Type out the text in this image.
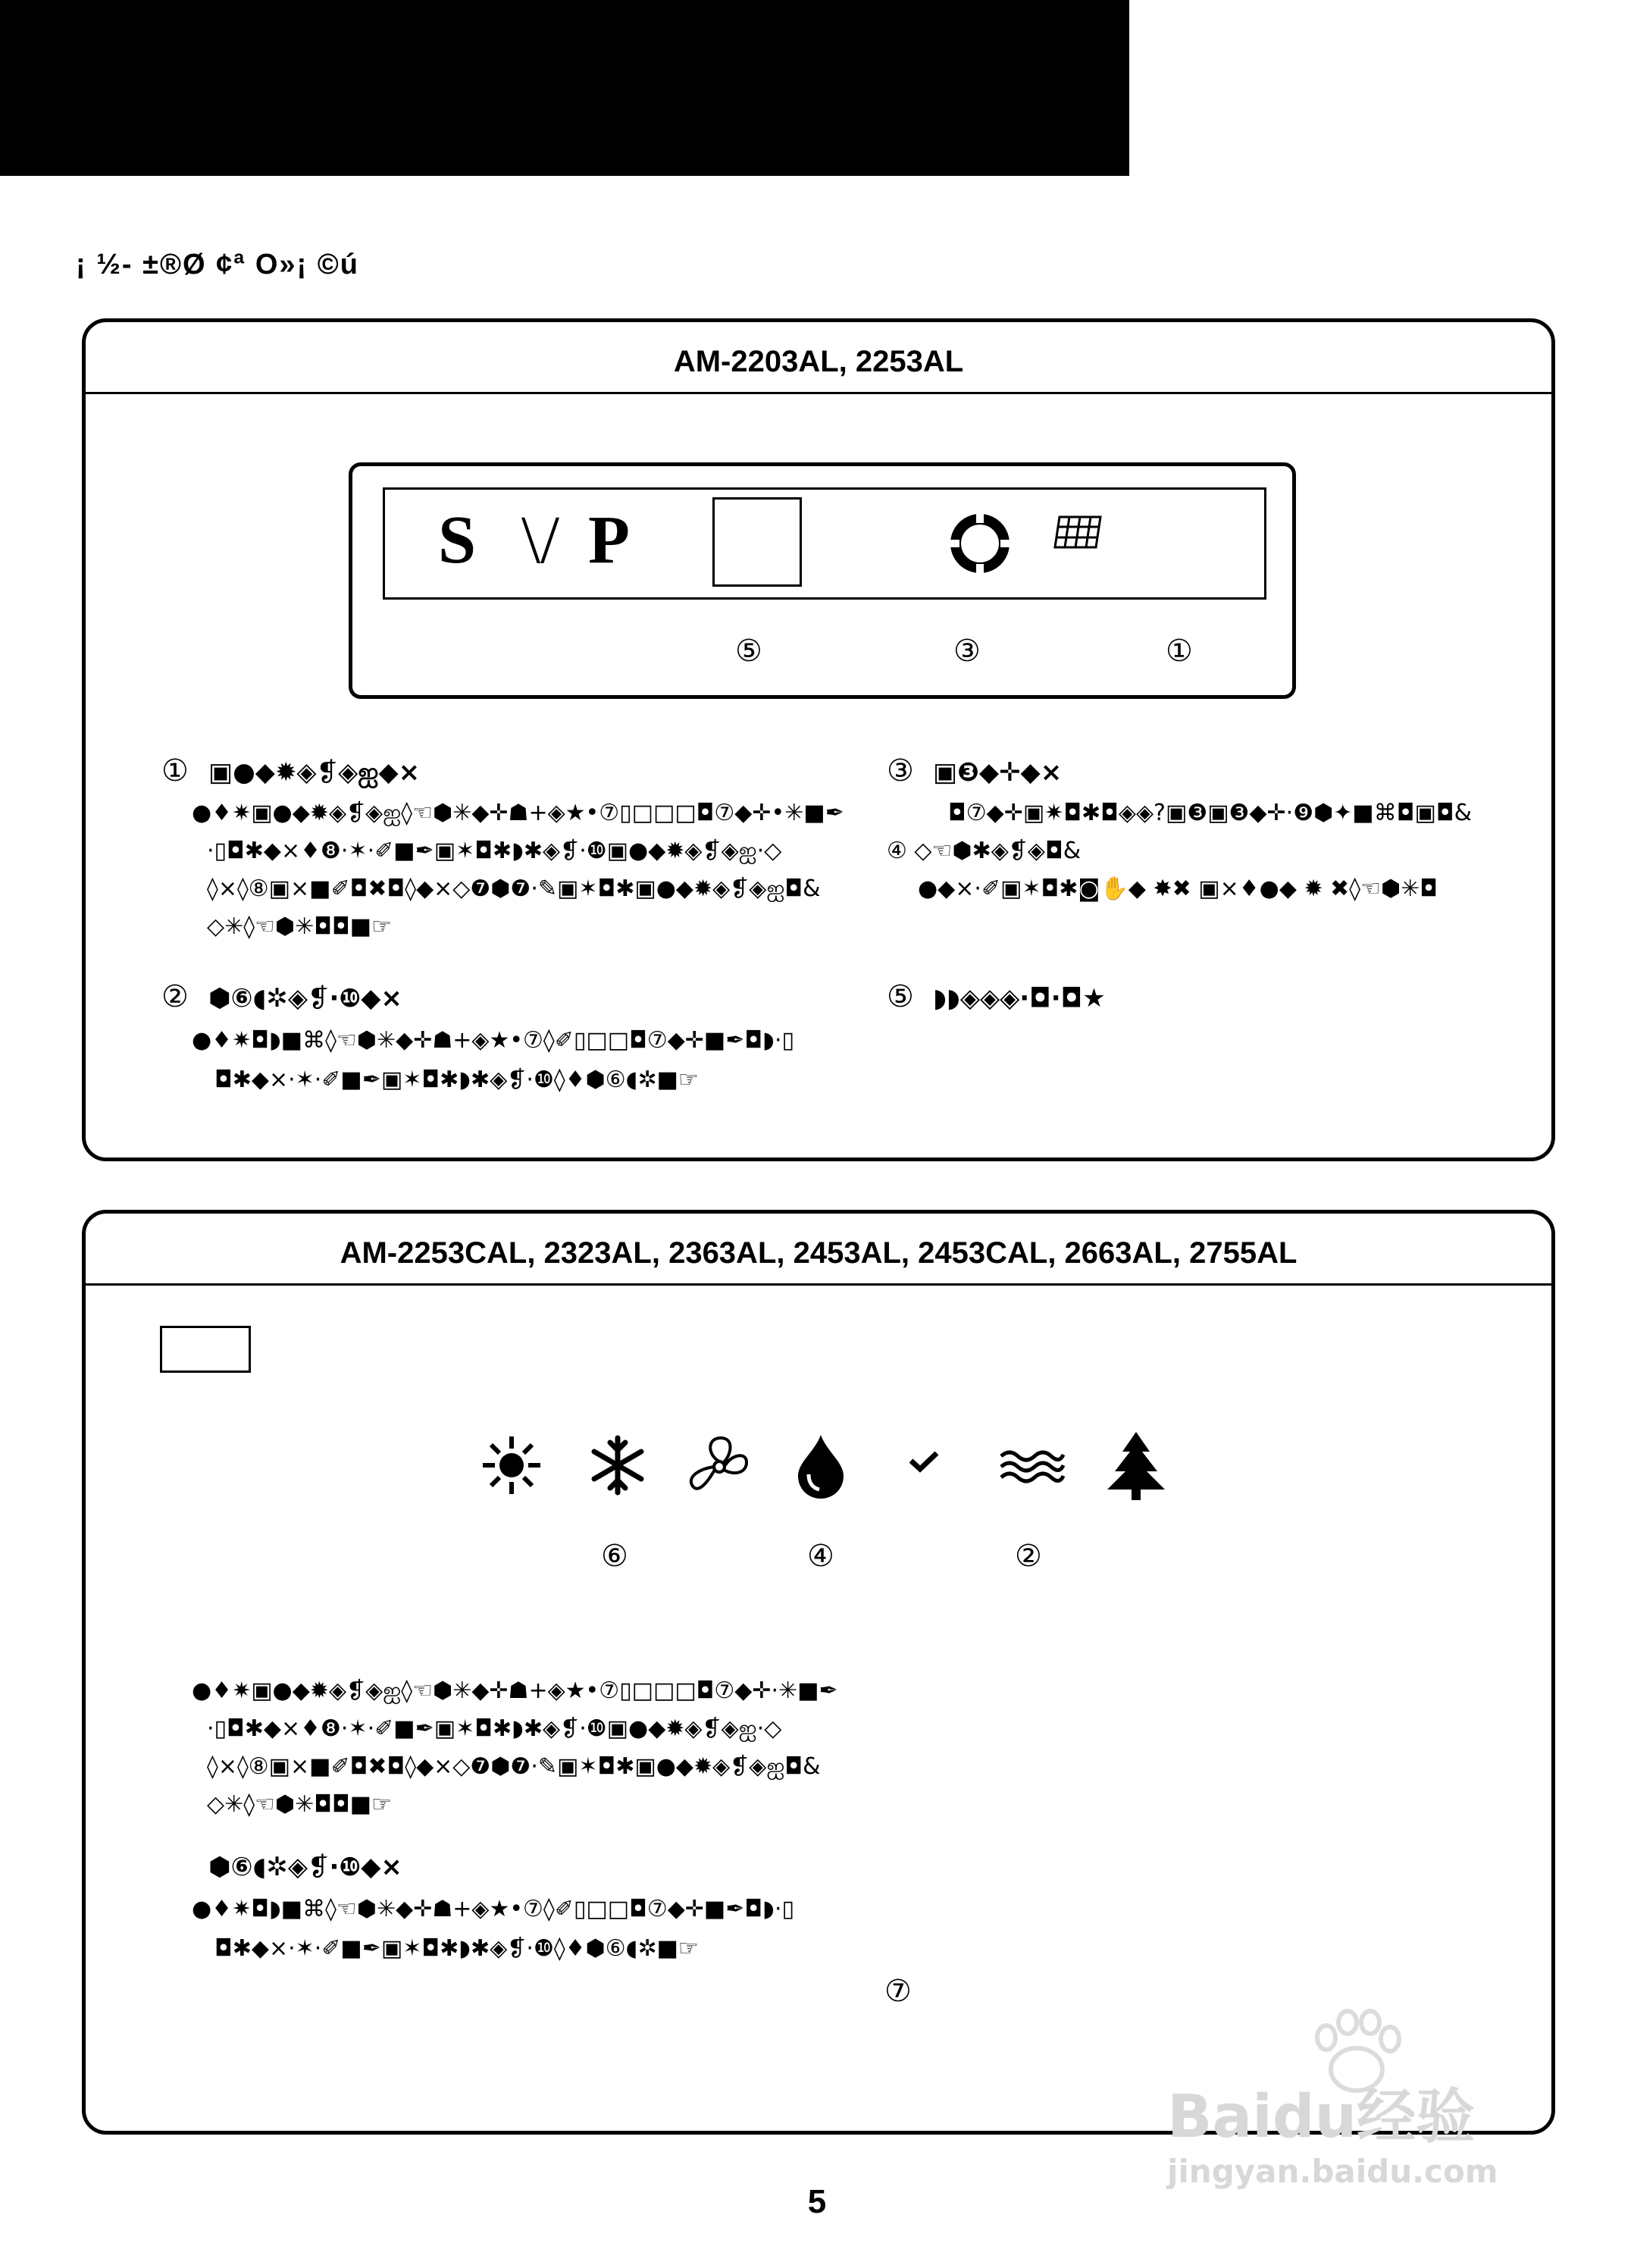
¡ ½- ±®Ø ¢ª O»¡ ©ú
AM-2203AL, 2253AL
S \/ P
⑤	③	①
① ▣●◆✹◈❡◈ஐ◆×
●♦✷▣●◆✹◈❡◈ஐ◊☜⬢✳◆✛☗+◈★•⑦▯□□□◘⑦◆✛•✳■✒
·▯◘✱◆×♦❽·✶·✐■✒▣✶◘✱◗✱◈❡·❿▣●◆✹◈❡◈ஐ·◇
◊×◊⑧▣×■✐◘✖◘◊◆×◇❼⬢❼·✎▣✶◘✱▣●◆✹◈❡◈ஐ◘&
◇✳◊☜⬢✳◘◘■☞
② ⬢⑥◖✲◈❡·❿◆×
●♦✷◘◗■⌘◊☜⬢✳◆✛☗+◈★•⑦◊✐▯□□◘⑦◆✛■✒◘◗·▯
◘✱◆×·✶·✐■✒▣✶◘✱◗✱◈❡·❿◊♦⬢⑥◖✲■☞
③ ▣❸◆✛◆×
◘⑦◆✛▣✷◘✱◘◈◈?▣❸▣❸◆✛·❾⬢✦■⌘◘▣◘&
④ ◇☜⬢✱◈❡◈◘&
●◆×·✐▣✶◘✱◙✋◆ ✸✖ ▣×♦●◆ ✹ ✖◊☜⬢✳◘
⑤ ◗◗◈◈◈·◘·◘★
AM-2253CAL, 2323AL, 2363AL, 2453AL, 2453CAL, 2663AL, 2755AL
⑥	④	②
●♦✷▣●◆✹◈❡◈ஐ◊☜⬢✳◆✛☗+◈★•⑦▯□□□◘⑦◆✛·✳■✒
·▯◘✱◆×♦❽·✶·✐■✒▣✶◘✱◗✱◈❡·❿▣●◆✹◈❡◈ஐ·◇
◊×◊⑧▣×■✐◘✖◘◊◆×◇❼⬢❼·✎▣✶◘✱▣●◆✹◈❡◈ஐ◘&
◇✳◊☜⬢✳◘◘■☞
⬢⑥◖✲◈❡·❿◆×
●♦✷◘◗■⌘◊☜⬢✳◆✛☗+◈★•⑦◊✐▯□□◘⑦◆✛■✒◘◗·▯
◘✱◆×·✶·✐■✒▣✶◘✱◗✱◈❡·❿◊♦⬢⑥◖✲■☞
⑦
5
Baidu经验
jingyan.baidu.com
